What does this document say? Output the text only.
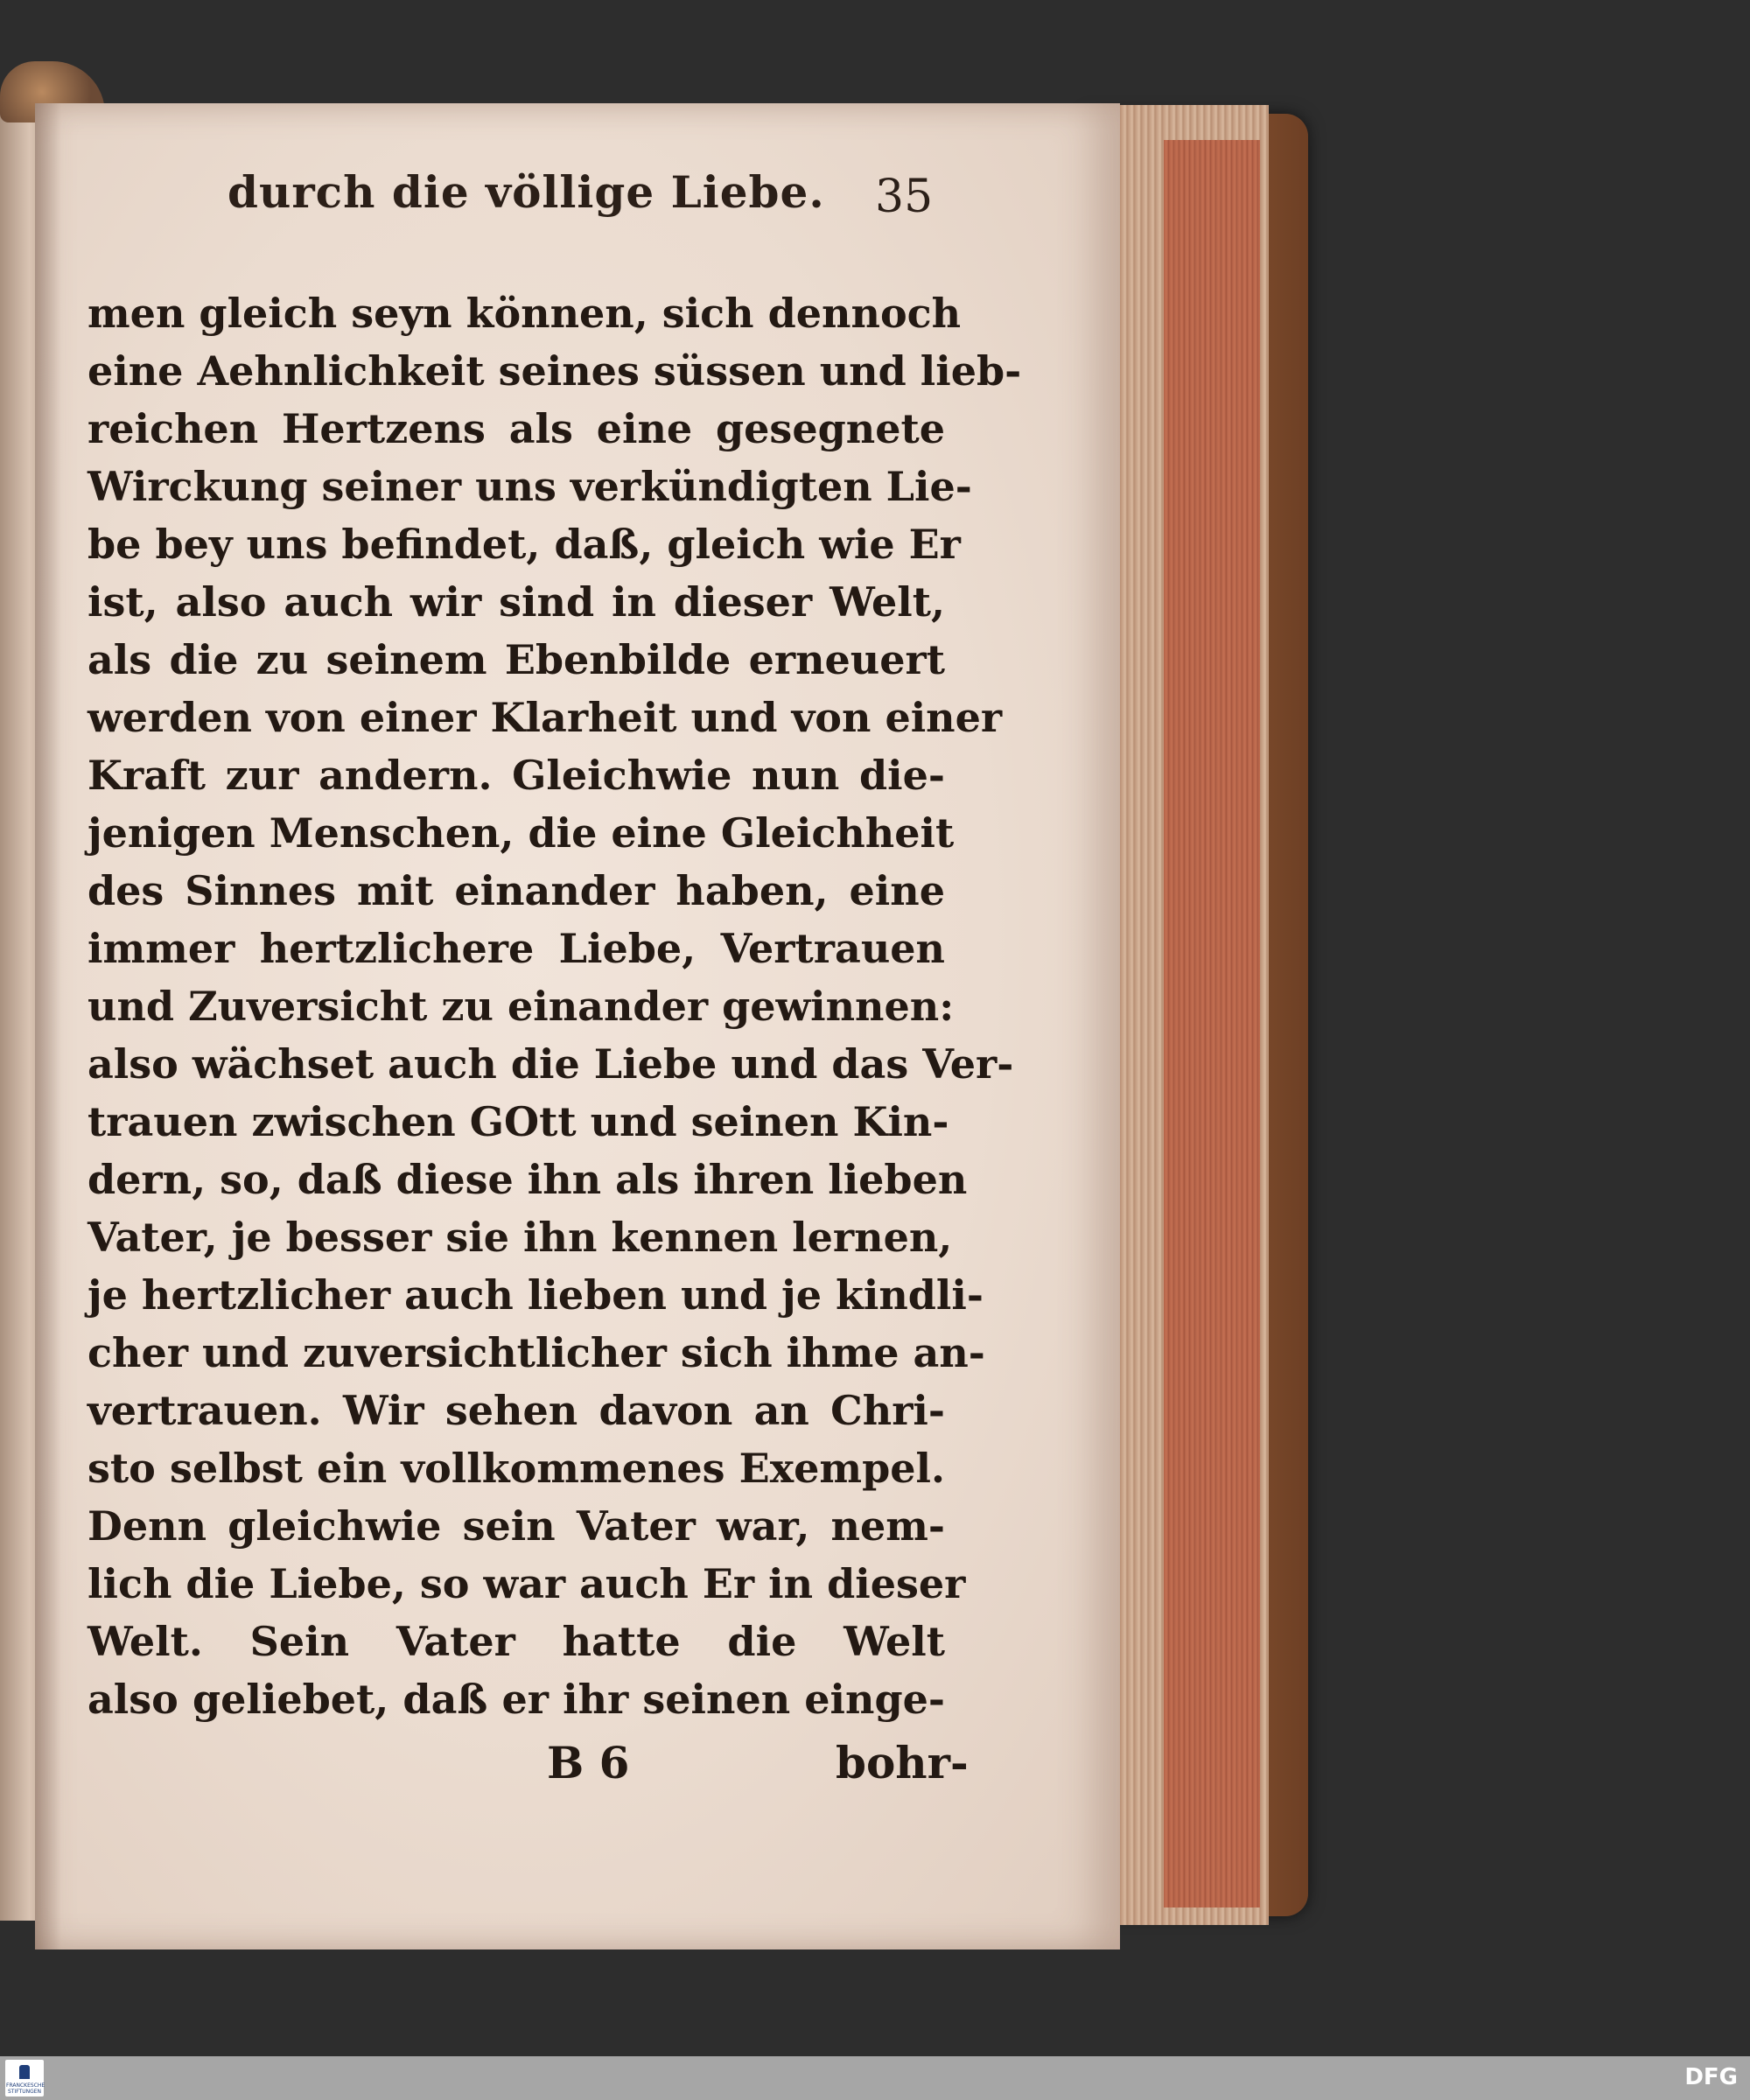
durch die völlige Liebe.	35
men gleich seyn können, sich dennoch
eine Aehnlichkeit seines süssen und lieb-
reichen Hertzens als eine gesegnete
Wirckung seiner uns verkündigten Lie-
be bey uns befindet, daß, gleich wie Er
ist, also auch wir sind in dieser Welt,
als die zu seinem Ebenbilde erneuert
werden von einer Klarheit und von einer
Kraft zur andern. Gleichwie nun die-
jenigen Menschen, die eine Gleichheit
des Sinnes mit einander haben, eine
immer hertzlichere Liebe, Vertrauen
und Zuversicht zu einander gewinnen:
also wächset auch die Liebe und das Ver-
trauen zwischen GOtt und seinen Kin-
dern, so, daß diese ihn als ihren lieben
Vater, je besser sie ihn kennen lernen,
je hertzlicher auch lieben und je kindli-
cher und zuversichtlicher sich ihme an-
vertrauen. Wir sehen davon an Chri-
sto selbst ein vollkommenes Exempel.
Denn gleichwie sein Vater war, nem-
lich die Liebe, so war auch Er in dieser
Welt. Sein Vater hatte die Welt
also geliebet, daß er ihr seinen einge-
B 6	bohr-
FRANCKESCHE STIFTUNGEN
DFG
